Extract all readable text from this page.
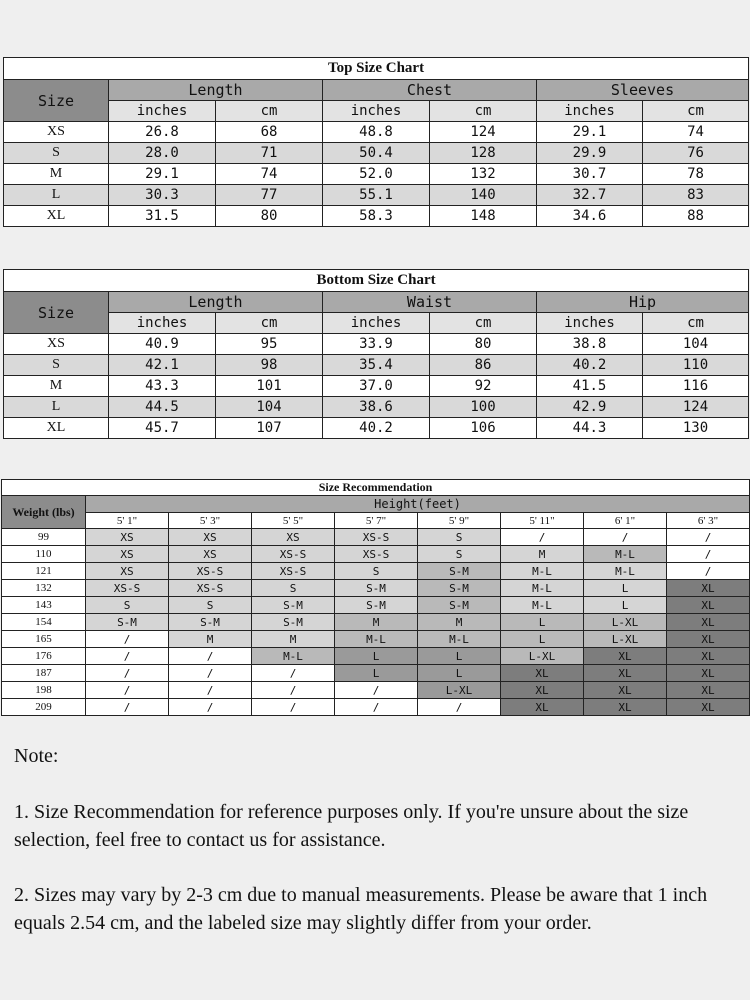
Top Size Chart						
Size	Length		Chest		Sleeves	
	inches	cm	inches	cm	inches	cm
XS	26.8	68	48.8	124	29.1	74
S	28.0	71	50.4	128	29.9	76
M	29.1	74	52.0	132	30.7	78
L	30.3	77	55.1	140	32.7	83
XL	31.5	80	58.3	148	34.6	88
Bottom Size Chart						
Size	Length		Waist		Hip	
	inches	cm	inches	cm	inches	cm
XS	40.9	95	33.9	80	38.8	104
S	42.1	98	35.4	86	40.2	110
M	43.3	101	37.0	92	41.5	116
L	44.5	104	38.6	100	42.9	124
XL	45.7	107	40.2	106	44.3	130
Size Recommendation								
Weight (lbs)	Height(feet)							
	5' 1"	5' 3"	5' 5"	5' 7"	5' 9"	5' 11"	6' 1"	6' 3"
99	XS	XS	XS	XS-S	S	/	/	/
110	XS	XS	XS-S	XS-S	S	M	M-L	/
121	XS	XS-S	XS-S	S	S-M	M-L	M-L	/
132	XS-S	XS-S	S	S-M	S-M	M-L	L	XL
143	S	S	S-M	S-M	S-M	M-L	L	XL
154	S-M	S-M	S-M	M	M	L	L-XL	XL
165	/	M	M	M-L	M-L	L	L-XL	XL
176	/	/	M-L	L	L	L-XL	XL	XL
187	/	/	/	L	L	XL	XL	XL
198	/	/	/	/	L-XL	XL	XL	XL
209	/	/	/	/	/	XL	XL	XL

Note:

1. Size Recommendation for reference purposes only. If you're unsure about the size selection, feel free to contact us for assistance.

2. Sizes may vary by 2-3 cm due to manual measurements. Please be aware that 1 inch equals 2.54 cm, and the labeled size may slightly differ from your order.
